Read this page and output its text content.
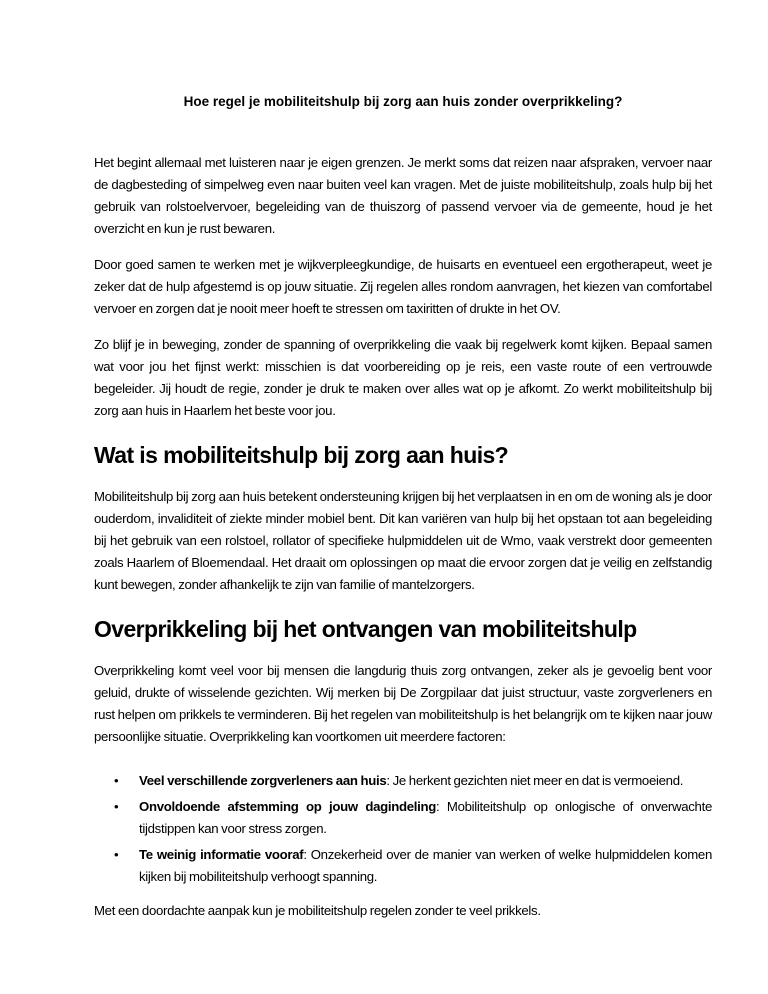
Hoe regel je mobiliteitshulp bij zorg aan huis zonder overprikkeling?

Het begint allemaal met luisteren naar je eigen grenzen. Je merkt soms dat reizen naar afspraken, vervoer naar de dagbesteding of simpelweg even naar buiten veel kan vragen. Met de juiste mobiliteitshulp, zoals hulp bij het gebruik van rolstoelvervoer, begeleiding van de thuiszorg of passend vervoer via de gemeente, houd je het overzicht en kun je rust bewaren.

Door goed samen te werken met je wijkverpleegkundige, de huisarts en eventueel een ergotherapeut, weet je zeker dat de hulp afgestemd is op jouw situatie. Zij regelen alles rondom aanvragen, het kiezen van comfortabel vervoer en zorgen dat je nooit meer hoeft te stressen om taxiritten of drukte in het OV.

Zo blijf je in beweging, zonder de spanning of overprikkeling die vaak bij regelwerk komt kijken. Bepaal samen wat voor jou het fijnst werkt: misschien is dat voorbereiding op je reis, een vaste route of een vertrouwde begeleider. Jij houdt de regie, zonder je druk te maken over alles wat op je afkomt. Zo werkt mobiliteitshulp bij zorg aan huis in Haarlem het beste voor jou.

Wat is mobiliteitshulp bij zorg aan huis?

Mobiliteitshulp bij zorg aan huis betekent ondersteuning krijgen bij het verplaatsen in en om de woning als je door ouderdom, invaliditeit of ziekte minder mobiel bent. Dit kan variëren van hulp bij het opstaan tot aan begeleiding bij het gebruik van een rolstoel, rollator of specifieke hulpmiddelen uit de Wmo, vaak verstrekt door gemeenten zoals Haarlem of Bloemendaal. Het draait om oplossingen op maat die ervoor zorgen dat je veilig en zelfstandig kunt bewegen, zonder afhankelijk te zijn van familie of mantelzorgers.

Overprikkeling bij het ontvangen van mobiliteitshulp

Overprikkeling komt veel voor bij mensen die langdurig thuis zorg ontvangen, zeker als je gevoelig bent voor geluid, drukte of wisselende gezichten. Wij merken bij De Zorgpilaar dat juist structuur, vaste zorgverleners en rust helpen om prikkels te verminderen. Bij het regelen van mobiliteitshulp is het belangrijk om te kijken naar jouw persoonlijke situatie. Overprikkeling kan voortkomen uit meerdere factoren:

• Veel verschillende zorgverleners aan huis: Je herkent gezichten niet meer en dat is vermoeiend.
• Onvoldoende afstemming op jouw dagindeling: Mobiliteitshulp op onlogische of onverwachte tijdstippen kan voor stress zorgen.
• Te weinig informatie vooraf: Onzekerheid over de manier van werken of welke hulpmiddelen komen kijken bij mobiliteitshulp verhoogt spanning.

Met een doordachte aanpak kun je mobiliteitshulp regelen zonder te veel prikkels.
